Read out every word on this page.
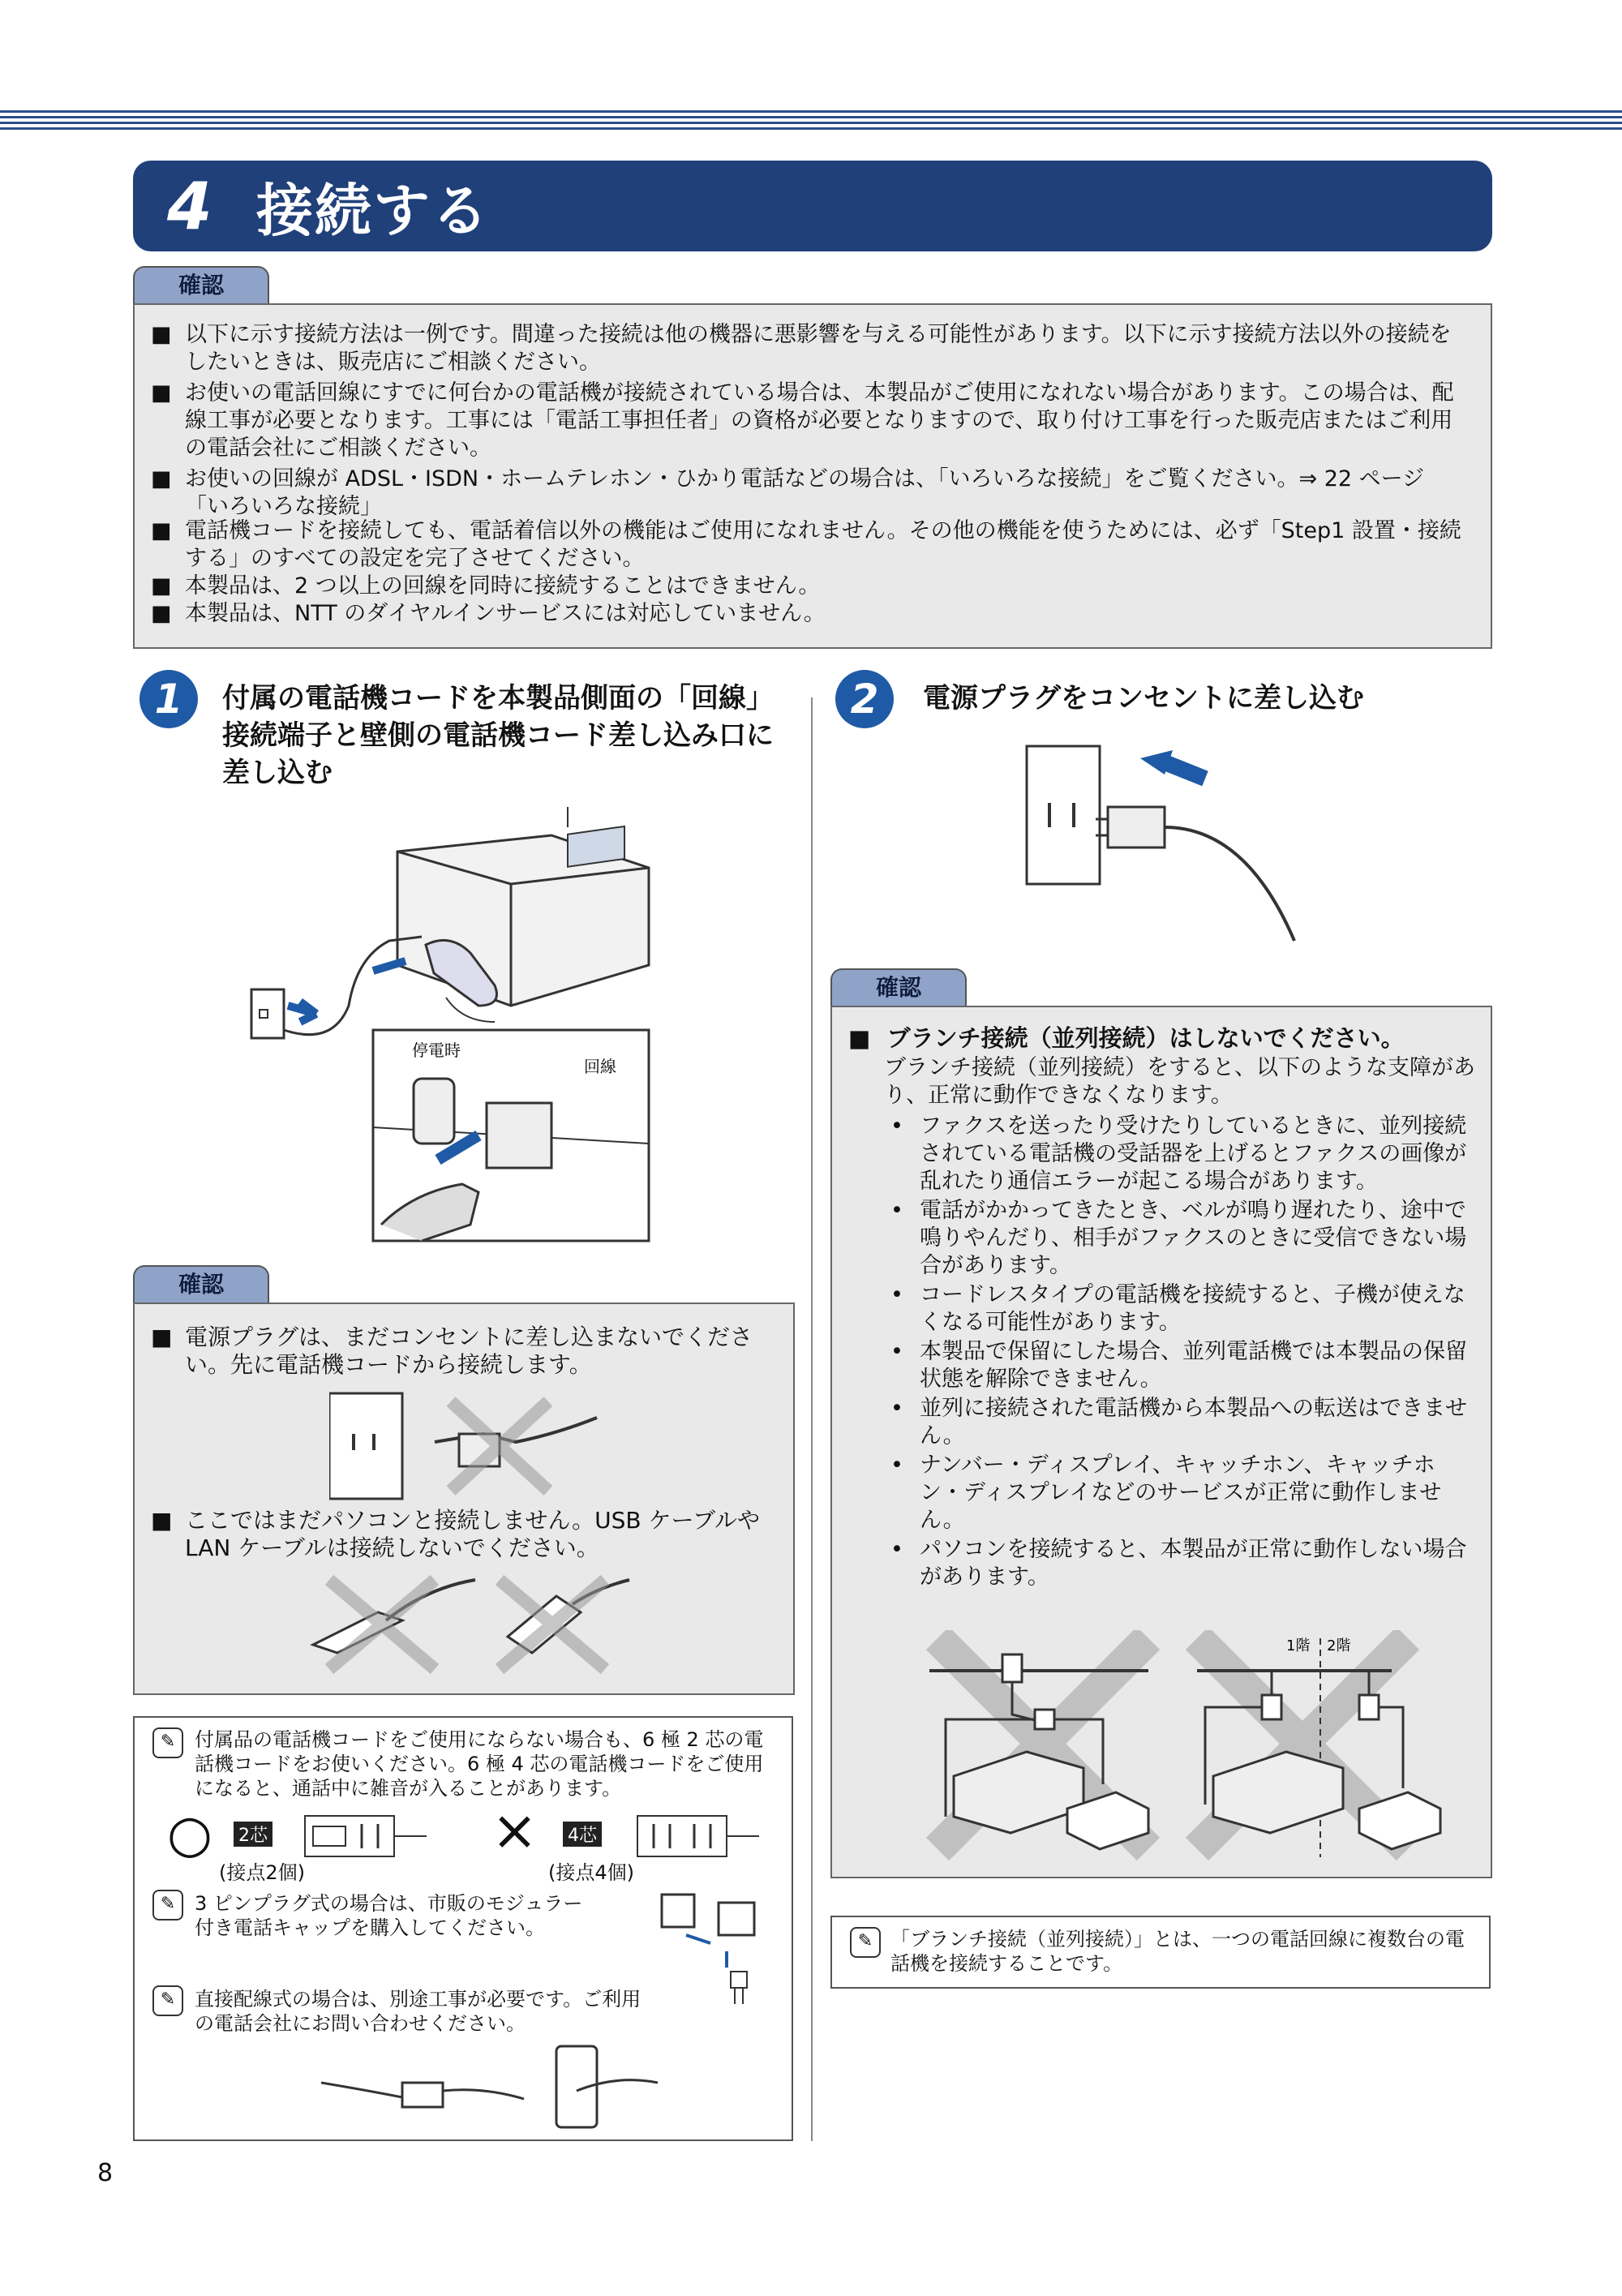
4 接続する
確認
■ 以下に示す接続方法は一例です。間違った接続は他の機器に悪影響を与える可能性があります。以下に示す接続方法以外の接続をしたいときは、販売店にご相談ください。
■ お使いの電話回線にすでに何台かの電話機が接続されている場合は、本製品がご使用になれない場合があります。この場合は、配線工事が必要となります。工事には「電話工事担任者」の資格が必要となりますので、取り付け工事を行った販売店またはご利用の電話会社にご相談ください。
■ お使いの回線が ADSL・ISDN・ホームテレホン・ひかり電話などの場合は、「いろいろな接続」をご覧ください。⇒ 22 ページ「いろいろな接続」
■ 電話機コードを接続しても、電話着信以外の機能はご使用になれません。その他の機能を使うためには、必ず「Step1 設置・接続する」のすべての設定を完了させてください。
■ 本製品は、2 つ以上の回線を同時に接続することはできません。
■ 本製品は、NTT のダイヤルインサービスには対応していません。
1	付属の電話機コードを本製品側面の「回線」接続端子と壁側の電話機コード差し込み口に差し込む
停電時
回線
確認
■ 電源プラグは、まだコンセントに差し込まないでください。先に電話機コードから接続します。
■ ここではまだパソコンと接続しません。USB ケーブルや LAN ケーブルは接続しないでください。
✎ 付属品の電話機コードをご使用にならない場合も、6 極 2 芯の電話機コードをお使いください。6 極 4 芯の電話機コードをご使用になると、通話中に雑音が入ることがあります。
○ 2芯
(接点2個)
× 4芯
(接点4個)
✎ 3 ピンプラグ式の場合は、市販のモジュラー付き電話キャップを購入してください。
✎ 直接配線式の場合は、別途工事が必要です。ご利用の電話会社にお問い合わせください。
2	電源プラグをコンセントに差し込む
確認
■  ブランチ接続（並列接続）はしないでください。
ブランチ接続（並列接続）をすると、以下のような支障があり、正常に動作できなくなります。
• ファクスを送ったり受けたりしているときに、並列接続されている電話機の受話器を上げるとファクスの画像が乱れたり通信エラーが起こる場合があります。
• 電話がかかってきたとき、ベルが鳴り遅れたり、途中で鳴りやんだり、相手がファクスのときに受信できない場合があります。
• コードレスタイプの電話機を接続すると、子機が使えなくなる可能性があります。
• 本製品で保留にした場合、並列電話機では本製品の保留状態を解除できません。
• 並列に接続された電話機から本製品への転送はできません。
• ナンバー・ディスプレイ、キャッチホン、キャッチホン・ディスプレイなどのサービスが正常に動作しません。
• パソコンを接続すると、本製品が正常に動作しない場合があります。
1階 2階
✎ 「ブランチ接続（並列接続）」とは、一つの電話回線に複数台の電話機を接続することです。
8
